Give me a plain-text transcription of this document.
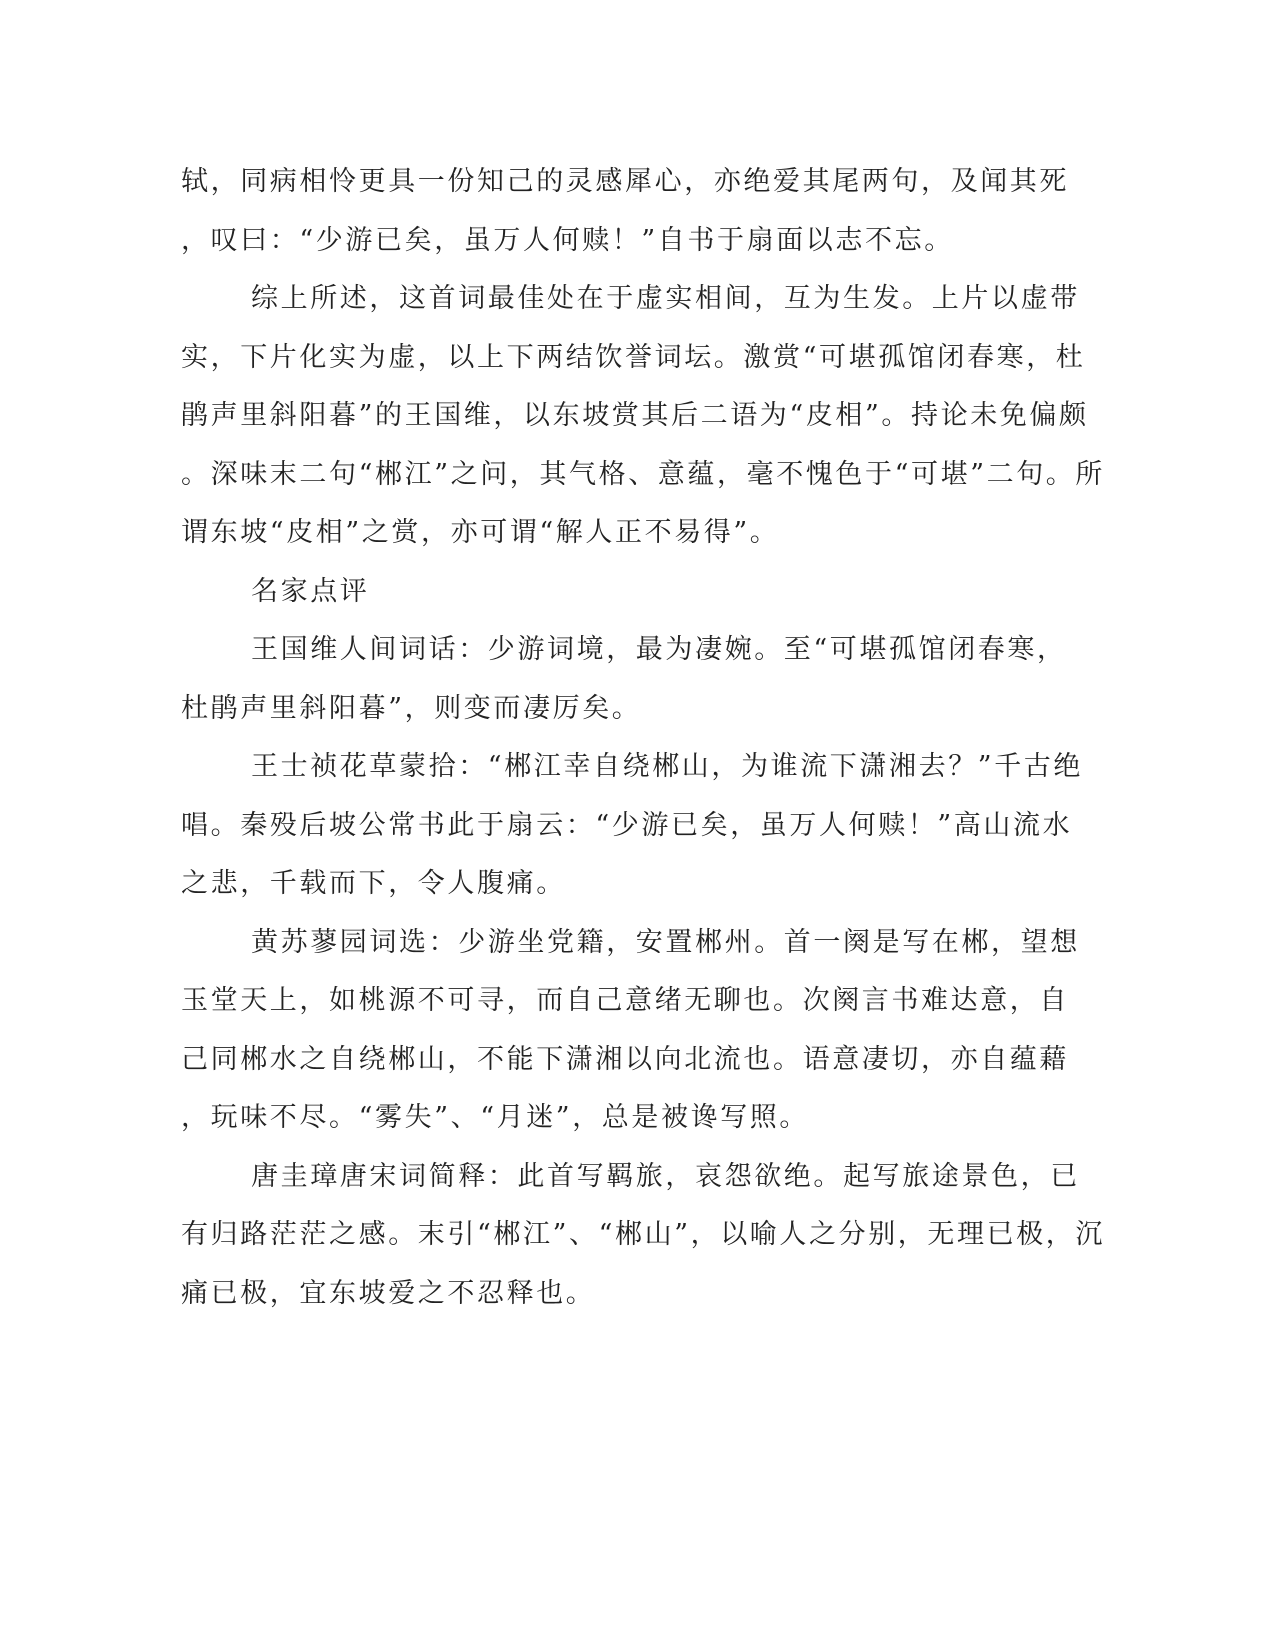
轼，同病相怜更具一份知己的灵感犀心，亦绝爱其尾两句，及闻其死

，叹曰：“少游已矣，虽万人何赎！”自书于扇面以志不忘。

综上所述，这首词最佳处在于虚实相间，互为生发。上片以虚带

实，下片化实为虚，以上下两结饮誉词坛。激赏“可堪孤馆闭春寒，杜

鹃声里斜阳暮”的王国维，以东坡赏其后二语为“皮相”。持论未免偏颇

。深味末二句“郴江”之问，其气格、意蕴，毫不愧色于“可堪”二句。所

谓东坡“皮相”之赏，亦可谓“解人正不易得”。

名家点评

王国维人间词话：少游词境，最为凄婉。至“可堪孤馆闭春寒，

杜鹃声里斜阳暮”，则变而凄厉矣。

王士祯花草蒙拾：“郴江幸自绕郴山，为谁流下潇湘去？”千古绝

唱。秦殁后坡公常书此于扇云：“少游已矣，虽万人何赎！”高山流水

之悲，千载而下，令人腹痛。

黄苏蓼园词选：少游坐党籍，安置郴州。首一阕是写在郴，望想

玉堂天上，如桃源不可寻，而自己意绪无聊也。次阕言书难达意，自

己同郴水之自绕郴山，不能下潇湘以向北流也。语意凄切，亦自蕴藉

，玩味不尽。“雾失”、“月迷”，总是被谗写照。

唐圭璋唐宋词简释：此首写羁旅，哀怨欲绝。起写旅途景色，已

有归路茫茫之感。末引“郴江”、“郴山”，以喻人之分别，无理已极，沉

痛已极，宜东坡爱之不忍释也。
